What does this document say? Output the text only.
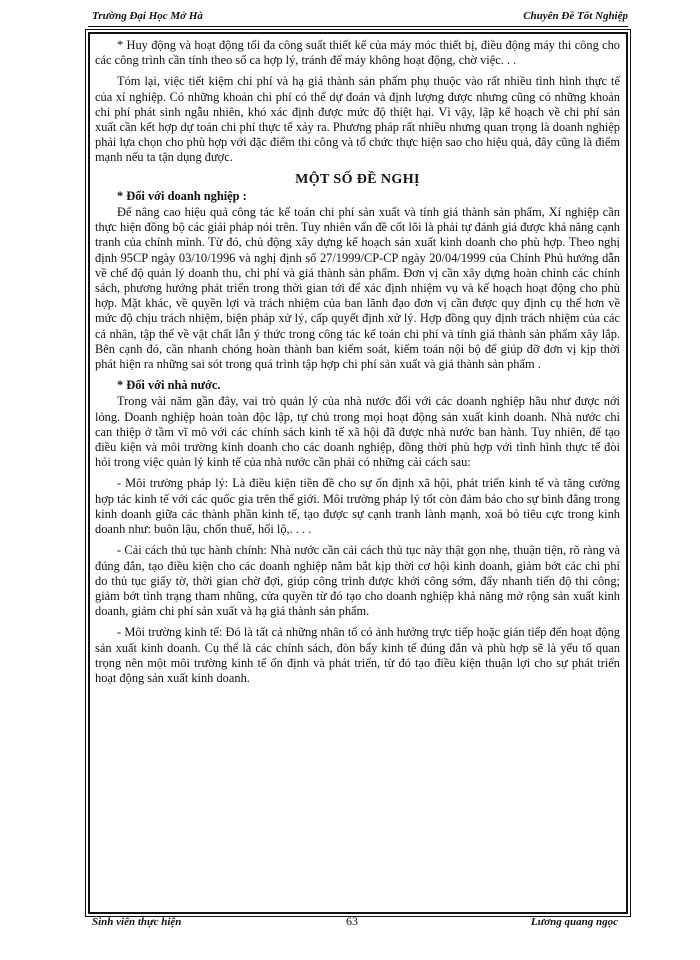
Trường Đại Học Mở Hà	Chuyên Đề Tốt Nghiệp

* Huy động và hoạt động tối đa công suất thiết kế của máy móc thiết bị, điều động máy thi công cho các công trình cần tính theo số ca hợp lý, tránh để máy không hoạt động, chờ việc. . .

Tóm lại, việc tiết kiệm chi phí và hạ giá thành sản phẩm phụ thuộc vào rất nhiều tình hình thực tế của xí nghiệp. Có những khoản chi phí có thể dự đoán và định lượng được nhưng cũng có những khoản chi phí phát sinh ngẫu nhiên, khó xác định được mức độ thiệt hại. Vì vậy, lập kế hoạch về chi phí sản xuất cần kết hợp dự toán chi phí thực tế xảy ra. Phương pháp rất nhiều nhưng quan trọng là doanh nghiệp phải lựa chọn cho phù hợp với đặc điểm thi công và tổ chức thực hiện sao cho hiệu quả, đây cũng là điểm mạnh nếu ta tận dụng được.

MỘT SỐ ĐỀ NGHỊ
* Đối với doanh nghiệp :

Để nâng cao hiệu quả công tác kế toán chi phí sản xuất và tính giá thành sản phẩm, Xí nghiệp cần thực hiện đồng bộ các giải pháp nói trên. Tuy nhiên vấn đề cốt lõi là phải tự đánh giá được khả năng cạnh tranh của chính mình. Từ đó, chủ động xây dựng kế hoạch sản xuất kinh doanh cho phù hợp. Theo nghị định 95CP ngày 03/10/1996 và nghị định số 27/1999/CP-CP ngày 20/04/1999 của Chính Phủ hướng dẫn về chế độ quản lý doanh thu, chi phí và giá thành sản phẩm. Đơn vị cần xây dựng hoàn chỉnh các chính sách, phương hướng phát triển trong thời gian tới để xác định nhiệm vụ và kế hoạch hoạt động cho phù hợp. Mặt khác, về quyền lợi và trách nhiệm của ban lãnh đạo đơn vị cần được quy định cụ thể hơn về mức độ chịu trách nhiệm, biện pháp xử lý, cấp quyết định xử lý. Hợp đồng quy định trách nhiệm của các cá nhân, tập thể về vật chất lẫn ý thức trong công tác kế toán chi phí và tính giá thành sản phẩm xây lắp. Bên cạnh đó, cần nhanh chóng hoàn thành ban kiểm soát, kiểm toán nội bộ để giúp đỡ đơn vị kịp thời phát hiện ra những sai sót trong quá trình tập hợp chi phí sản xuất và giá thành sản phẩm .

* Đối với nhà nước.

Trong vài năm gần đây, vai trò quản lý của nhà nước đối với các doanh nghiệp hầu như được nới lỏng. Doanh nghiệp hoàn toàn độc lập, tự chủ trong mọi hoạt động sản xuất kinh doanh. Nhà nước chỉ can thiệp ở tầm vĩ mô với các chính sách kinh tế xã hội đã được nhà nước ban hành. Tuy nhiên, để tạo điều kiện và môi trường kinh doanh cho các doanh nghiệp, đồng thời phù hợp với tình hình thực tế đòi hỏi trong việc quản lý kinh tế của nhà nước cần phải có những cải cách sau:

- Môi trường pháp lý: Là điều kiện tiền đề cho sự ổn định xã hội, phát triển kinh tế và tăng cường hợp tác kinh tế với các quốc gia trên thế giới. Môi trường pháp lý tốt còn đảm bảo cho sự bình đẳng trong kinh doanh giữa các thành phần kinh tế, tạo được sự cạnh tranh lành mạnh, xoá bỏ tiêu cực trong kinh doanh như: buôn lậu, chốn thuế, hối lộ,. . . .

- Cải cách thủ tục hành chính: Nhà nước cần cải cách thủ tục này thật gọn nhẹ, thuận tiện, rõ ràng và đúng đắn, tạo điều kiện cho các doanh nghiệp nắm bắt kịp thời cơ hội kinh doanh, giảm bớt các chi phí do thủ tục giấy tờ, thời gian chờ đợi, giúp công trình được khởi công sớm, đẩy nhanh tiến độ thi công; giảm bớt tình trạng tham nhũng, cửa quyền từ đó tạo cho doanh nghiệp khả năng mở rộng sản xuất kinh doanh, giảm chi phí sản xuất và hạ giá thành sản phẩm.

- Môi trường kinh tế: Đó là tất cả những nhân tố có ảnh hưởng trực tiếp hoặc gián tiếp đến hoạt động sản xuất kinh doanh. Cụ thể là các chính sách, đòn bẩy kinh tế đúng đắn và phù hợp sẽ là yếu tố quan trọng nên một môi trường kinh tế ổn định và phát triển, từ đó tạo điều kiện thuận lợi cho sự phát triển hoạt động sản xuất kinh doanh.

Sinh viên thực hiện	63	Lương quang ngọc
